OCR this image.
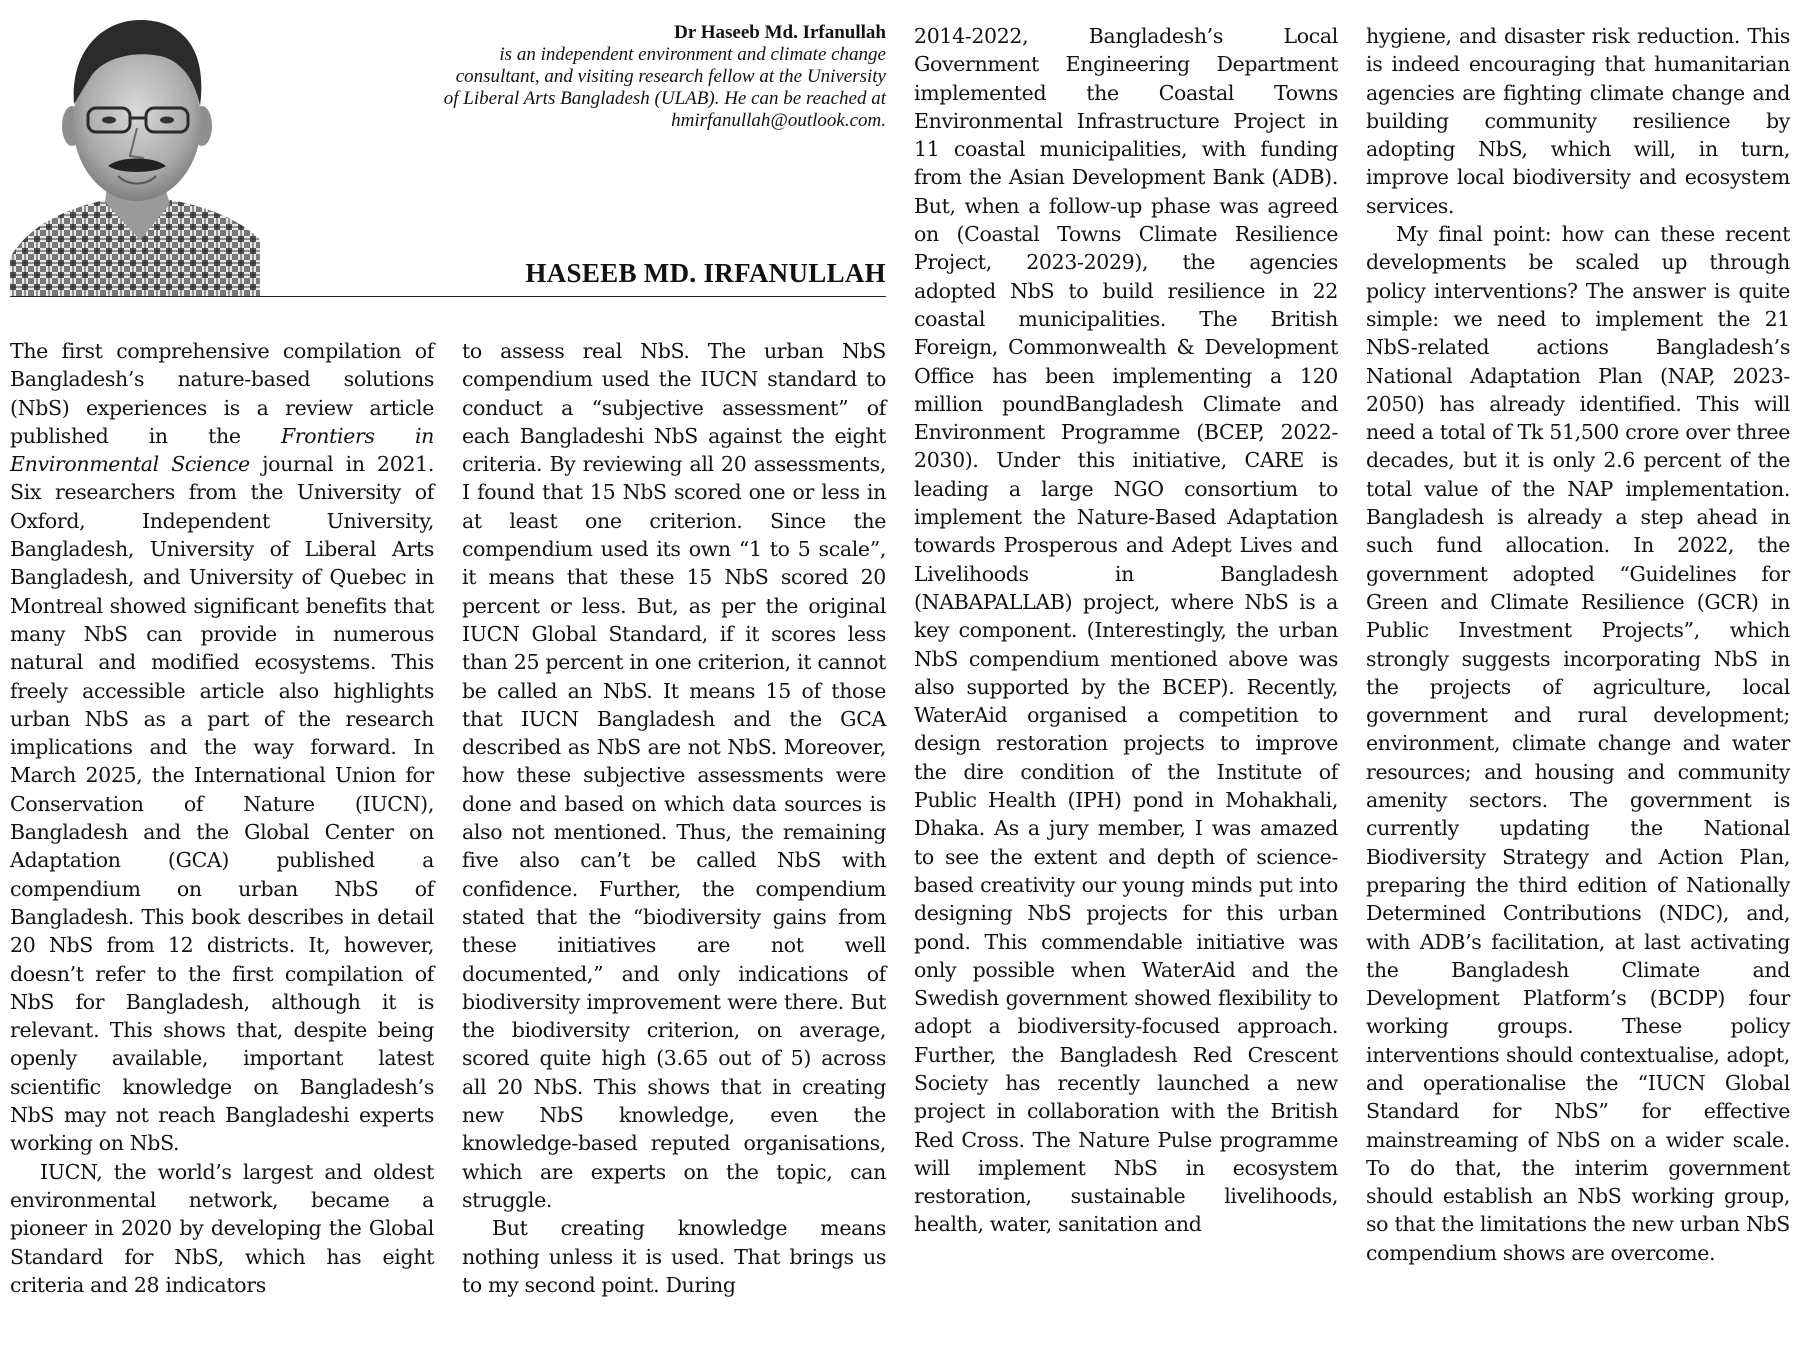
Dr Haseeb Md. Irfanullah
is an independent environment and climate change consultant, and visiting research fellow at the University of Liberal Arts Bangladesh (ULAB). He can be reached at hmirfanullah@outlook.com.
HASEEB MD. IRFANULLAH

The first comprehensive compilation of Bangladesh’s nature-based solutions (NbS) experiences is a review article published in the Frontiers in Environmental Science journal in 2021. Six researchers from the University of Oxford, Independent University, Bangladesh, University of Liberal Arts Bangladesh, and University of Quebec in Montreal showed significant benefits that many NbS can provide in numerous natural and modified ecosystems. This freely accessible article also highlights urban NbS as a part of the research implications and the way forward. In March 2025, the International Union for Conservation of Nature (IUCN), Bangladesh and the Global Center on Adaptation (GCA) published a compendium on urban NbS of Bangladesh. This book describes in detail 20 NbS from 12 districts. It, however, doesn’t refer to the first compilation of NbS for Bangladesh, although it is relevant. This shows that, despite being openly available, important latest scientific knowledge on Bangladesh’s NbS may not reach Bangladeshi experts working on NbS.

IUCN, the world’s largest and oldest environmental network, became a pioneer in 2020 by developing the Global Standard for NbS, which has eight criteria and 28 indicators

to assess real NbS. The urban NbS compendium used the IUCN standard to conduct a “subjective assessment” of each Bangladeshi NbS against the eight criteria. By reviewing all 20 assessments, I found that 15 NbS scored one or less in at least one criterion. Since the compendium used its own “1 to 5 scale”, it means that these 15 NbS scored 20 percent or less. But, as per the original IUCN Global Standard, if it scores less than 25 percent in one criterion, it cannot be called an NbS. It means 15 of those that IUCN Bangladesh and the GCA described as NbS are not NbS. Moreover, how these subjective assessments were done and based on which data sources is also not mentioned. Thus, the remaining five also can’t be called NbS with confidence. Further, the compendium stated that the “biodiversity gains from these initiatives are not well documented,” and only indications of biodiversity improvement were there. But the biodiversity criterion, on average, scored quite high (3.65 out of 5) across all 20 NbS. This shows that in creating new NbS knowledge, even the knowledge-based reputed organisations, which are experts on the topic, can struggle.

But creating knowledge means nothing unless it is used. That brings us to my second point. During

2014-2022, Bangladesh’s Local Government Engineering Department implemented the Coastal Towns Environmental Infrastructure Project in 11 coastal municipalities, with funding from the Asian Development Bank (ADB). But, when a follow-up phase was agreed on (Coastal Towns Climate Resilience Project, 2023-2029), the agencies adopted NbS to build resilience in 22 coastal municipalities. The British Foreign, Commonwealth & Development Office has been implementing a 120 million poundBangladesh Climate and Environment Programme (BCEP, 2022-2030). Under this initiative, CARE is leading a large NGO consortium to implement the Nature-Based Adaptation towards Prosperous and Adept Lives and Livelihoods in Bangladesh (NABAPALLAB) project, where NbS is a key component. (Interestingly, the urban NbS compendium mentioned above was also supported by the BCEP). Recently, WaterAid organised a competition to design restoration projects to improve the dire condition of the Institute of Public Health (IPH) pond in Mohakhali, Dhaka. As a jury member, I was amazed to see the extent and depth of science-based creativity our young minds put into designing NbS projects for this urban pond. This commendable initiative was only possible when WaterAid and the Swedish government showed flexibility to adopt a biodiversity-focused approach. Further, the Bangladesh Red Crescent Society has recently launched a new project in collaboration with the British Red Cross. The Nature Pulse programme will implement NbS in ecosystem restoration, sustainable livelihoods, health, water, sanitation and

hygiene, and disaster risk reduction. This is indeed encouraging that humanitarian agencies are fighting climate change and building community resilience by adopting NbS, which will, in turn, improve local biodiversity and ecosystem services.

My final point: how can these recent developments be scaled up through policy interventions? The answer is quite simple: we need to implement the 21 NbS-related actions Bangladesh’s National Adaptation Plan (NAP, 2023-2050) has already identified. This will need a total of Tk 51,500 crore over three decades, but it is only 2.6 percent of the total value of the NAP implementation. Bangladesh is already a step ahead in such fund allocation. In 2022, the government adopted “Guidelines for Green and Climate Resilience (GCR) in Public Investment Projects”, which strongly suggests incorporating NbS in the projects of agriculture, local government and rural development; environment, climate change and water resources; and housing and community amenity sectors. The government is currently updating the National Biodiversity Strategy and Action Plan, preparing the third edition of Nationally Determined Contributions (NDC), and, with ADB’s facilitation, at last activating the Bangladesh Climate and Development Platform’s (BCDP) four working groups. These policy interventions should contextualise, adopt, and operationalise the “IUCN Global Standard for NbS” for effective mainstreaming of NbS on a wider scale. To do that, the interim government should establish an NbS working group, so that the limitations the new urban NbS compendium shows are overcome.
